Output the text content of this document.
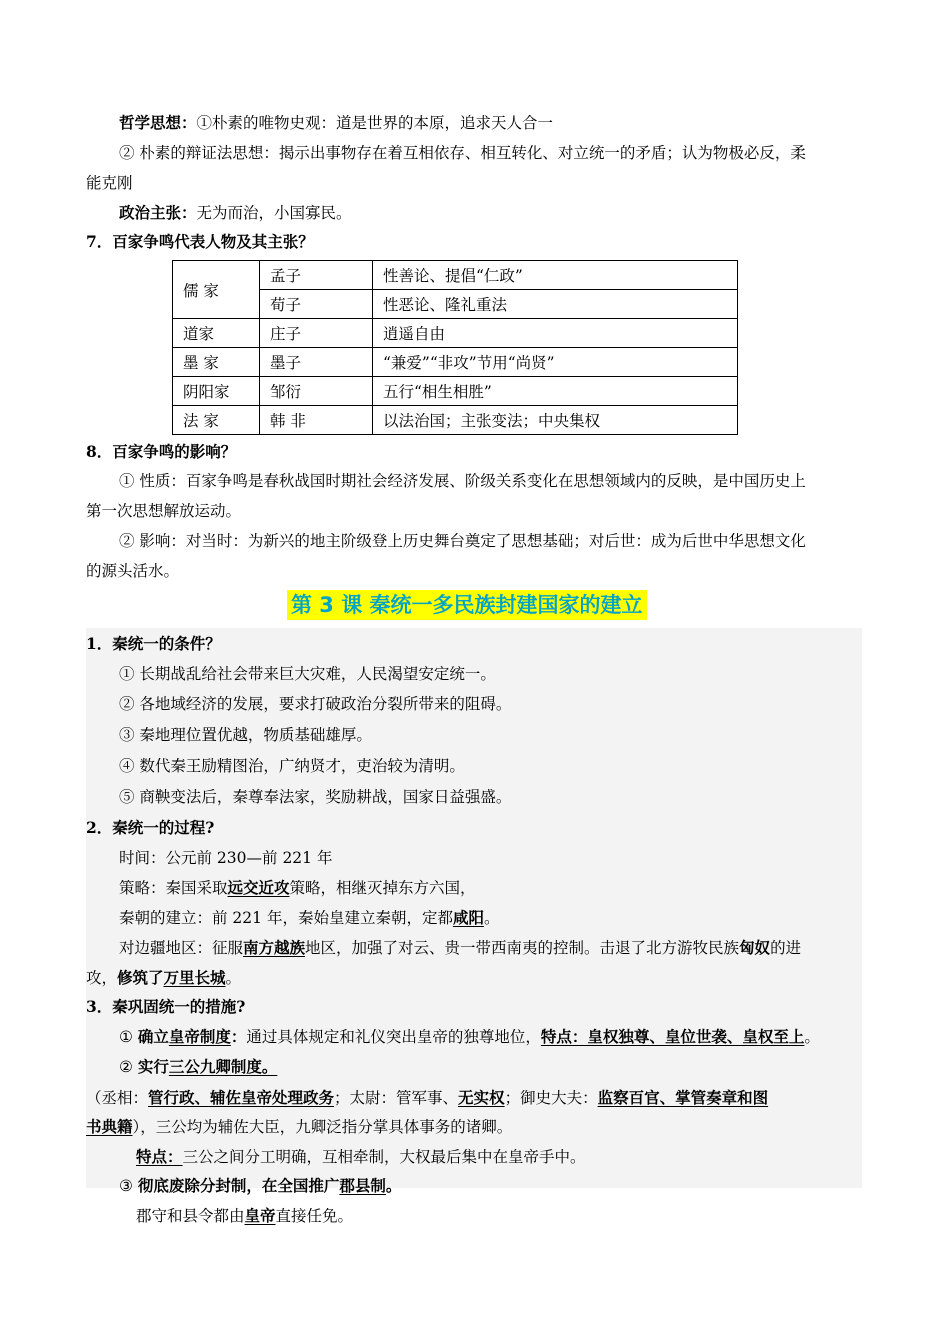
哲学思想：①朴素的唯物史观：道是世界的本原，追求天人合一
② 朴素的辩证法思想：揭示出事物存在着互相依存、相互转化、对立统一的矛盾；认为物极必反，柔
能克刚
政治主张：无为而治，小国寡民。
7．百家争鸣代表人物及其主张？
儒 家	孟子	性善论、提倡“仁政”
	荀子	性恶论、隆礼重法
道家	庄子	逍遥自由
墨 家	墨子	“兼爱”“非攻”节用“尚贤”
阴阳家	邹衍	五行“相生相胜”
法 家	韩 非	以法治国；主张变法；中央集权
8．百家争鸣的影响？
① 性质：百家争鸣是春秋战国时期社会经济发展、阶级关系变化在思想领域内的反映，是中国历史上
第一次思想解放运动。
② 影响：对当时：为新兴的地主阶级登上历史舞台奠定了思想基础；对后世：成为后世中华思想文化
的源头活水。
第 3 课 秦统一多民族封建国家的建立
1．秦统一的条件？
① 长期战乱给社会带来巨大灾难，人民渴望安定统一。
② 各地域经济的发展，要求打破政治分裂所带来的阻碍。
③ 秦地理位置优越，物质基础雄厚。
④ 数代秦王励精图治，广纳贤才，吏治较为清明。
⑤ 商鞅变法后，秦尊奉法家，奖励耕战，国家日益强盛。
2．秦统一的过程?
时间：公元前 230—前 221 年
策略：秦国采取远交近攻策略，相继灭掉东方六国，
秦朝的建立：前 221 年，秦始皇建立秦朝，定都咸阳。
对边疆地区：征服南方越族地区，加强了对云、贵一带西南夷的控制。击退了北方游牧民族匈奴的进
攻，修筑了万里长城。
3．秦巩固统一的措施?
① 确立皇帝制度：通过具体规定和礼仪突出皇帝的独尊地位，特点：皇权独尊、皇位世袭、皇权至上。
② 实行三公九卿制度。
（丞相：管行政、辅佐皇帝处理政务；太尉：管军事、无实权；御史大夫：监察百官、掌管奏章和图
书典籍），三公均为辅佐大臣，九卿泛指分掌具体事务的诸卿。
特点：三公之间分工明确，互相牵制，大权最后集中在皇帝手中。
③ 彻底废除分封制，在全国推广郡县制。
郡守和县令都由皇帝直接任免。
